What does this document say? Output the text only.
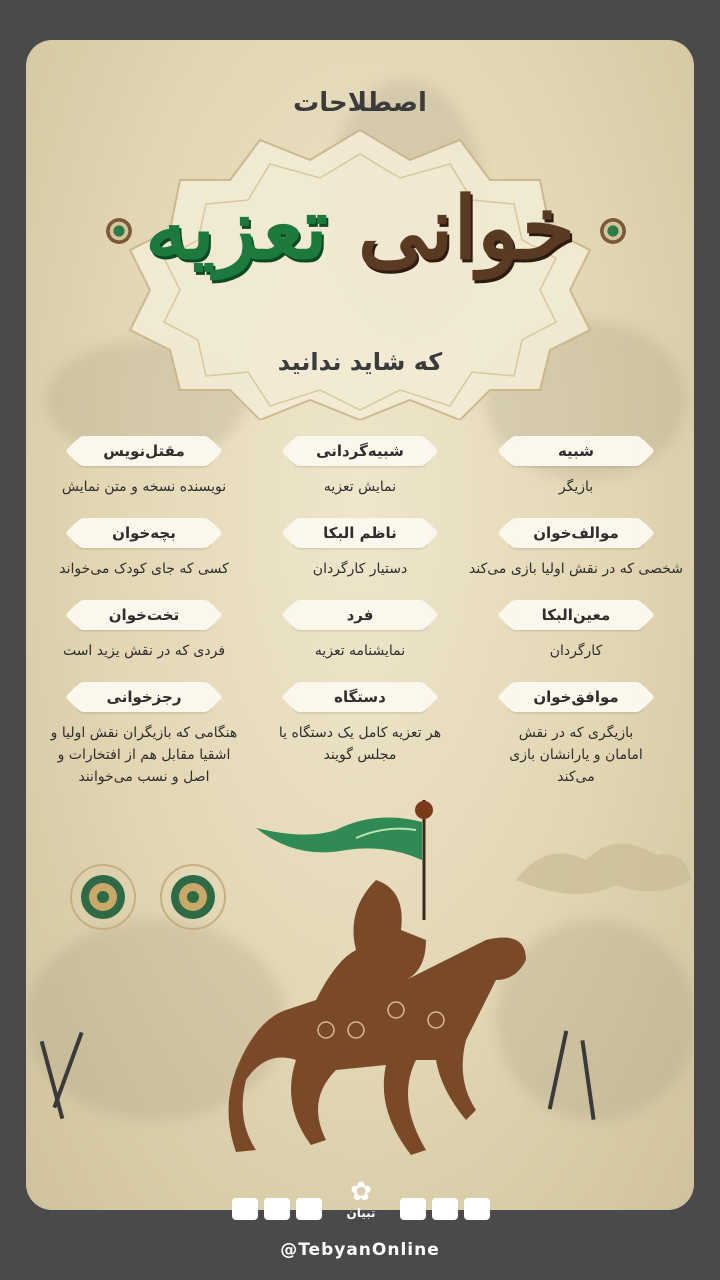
اصطلاحات
خوانی تعزیه
که شاید ندانید
شبیه
بازیگر
شبیه‌گردانی
نمایش تعزیه
مقتل‌نویس
نویسنده نسخه و متن نمایش
موالف‌خوان
شخصی که در نقش اولیا بازی می‌کند
ناظم البکا
دستیار کارگردان
بچه‌خوان
کسی که جای کودک می‌خواند
معین‌البکا
کارگردان
فرد
نمایشنامه تعزیه
تخت‌خوان
فردی که در نقش یزید است
موافق‌خوان
بازیگری که در نقش امامان و یارانشان بازی می‌کند
دستگاه
هر تعزیه کامل یک دستگاه یا مجلس گویند
رجزخوانی
هنگامی که بازیگران نقش اولیا و اشقیا مقابل هم از افتخارات و اصل و نسب می‌خوانند
✿
تبیان
@TebyanOnline
